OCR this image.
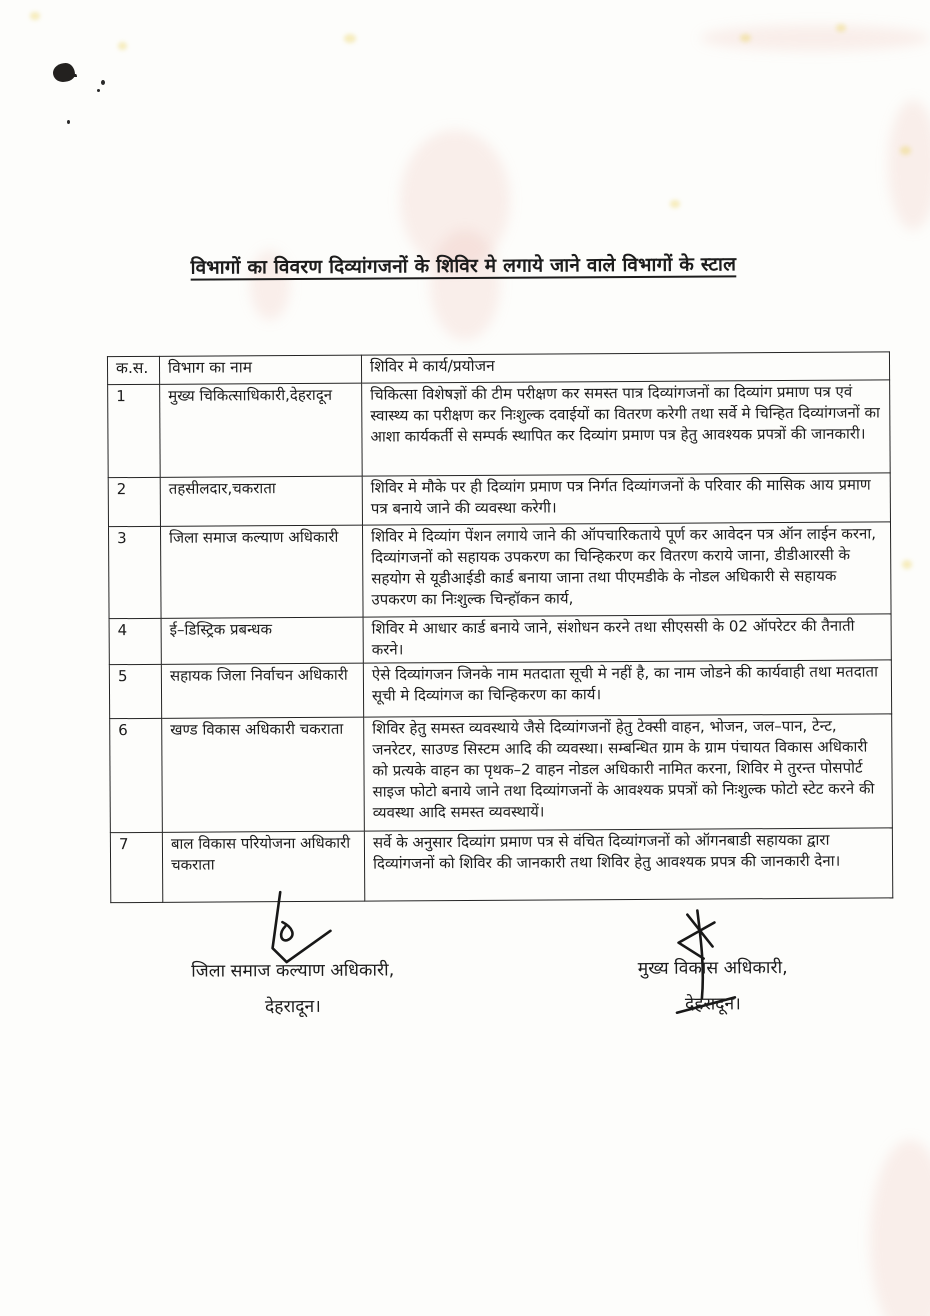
विभागों का विवरण दिव्यांगजनों के शिविर मे लगाये जाने वाले विभागों के स्टाल
क.स.	विभाग का नाम	शिविर मे कार्य/प्रयोजन
1	मुख्य चिकित्साधिकारी,देहरादून	चिकित्सा विशेषज्ञों की टीम परीक्षण कर समस्त पात्र दिव्यांगजनों का दिव्यांग प्रमाण पत्र एवं स्वास्थ्य का परीक्षण कर निःशुल्क दवाईयों का वितरण करेगी तथा सर्वे मे चिन्हित दिव्यांगजनों का आशा कार्यकर्ती से सम्पर्क स्थापित कर दिव्यांग प्रमाण पत्र हेतु आवश्यक प्रपत्रों की जानकारी।
2	तहसीलदार,चकराता	शिविर मे मौके पर ही दिव्यांग प्रमाण पत्र निर्गत दिव्यांगजनों के परिवार की मासिक आय प्रमाण पत्र बनाये जाने की व्यवस्था करेगी।
3	जिला समाज कल्याण अधिकारी	शिविर मे दिव्यांग पेंशन लगाये जाने की ऑपचारिकताये पूर्ण कर आवेदन पत्र ऑन लाईन करना, दिव्यांगजनों को सहायक उपकरण का चिन्हिकरण कर वितरण कराये जाना, डीडीआरसी के सहयोग से यूडीआईडी कार्ड बनाया जाना तथा पीएमडीके के नोडल अधिकारी से सहायक उपकरण का निःशुल्क चिन्हॉकन कार्य,
4	ई–डिस्ट्रिक प्रबन्धक	शिविर मे आधार कार्ड बनाये जाने, संशोधन करने तथा सीएससी के 02 ऑपरेटर की तैनाती करने।
5	सहायक जिला निर्वाचन अधिकारी	ऐसे दिव्यांगजन जिनके नाम मतदाता सूची मे नहीं है, का नाम जोडने की कार्यवाही तथा मतदाता सूची मे दिव्यांगज का चिन्हिकरण का कार्य।
6	खण्ड विकास अधिकारी चकराता	शिविर हेतु समस्त व्यवस्थाये जैसे दिव्यांगजनों हेतु टेक्सी वाहन, भोजन, जल–पान, टेन्ट, जनरेटर, साउण्ड सिस्टम आदि की व्यवस्था। सम्बन्धित ग्राम के ग्राम पंचायत विकास अधिकारी को प्रत्यके वाहन का पृथक–2 वाहन नोडल अधिकारी नामित करना, शिविर मे तुरन्त पोसपोर्ट साइज फोटो बनाये जाने तथा दिव्यांगजनों के आवश्यक प्रपत्रों को निःशुल्क फोटो स्टेट करने की व्यवस्था आदि समस्त व्यवस्थायें।
7	बाल विकास परियोजना अधिकारी चकराता	सर्वे के अनुसार दिव्यांग प्रमाण पत्र से वंचित दिव्यांगजनों को ऑगनबाडी सहायका द्वारा दिव्यांगजनों को शिविर की जानकारी तथा शिविर हेतु आवश्यक प्रपत्र की जानकारी देना।
जिला समाज कल्याण अधिकारी,
देहरादून।
मुख्य विकास अधिकारी,
देहरादून।
